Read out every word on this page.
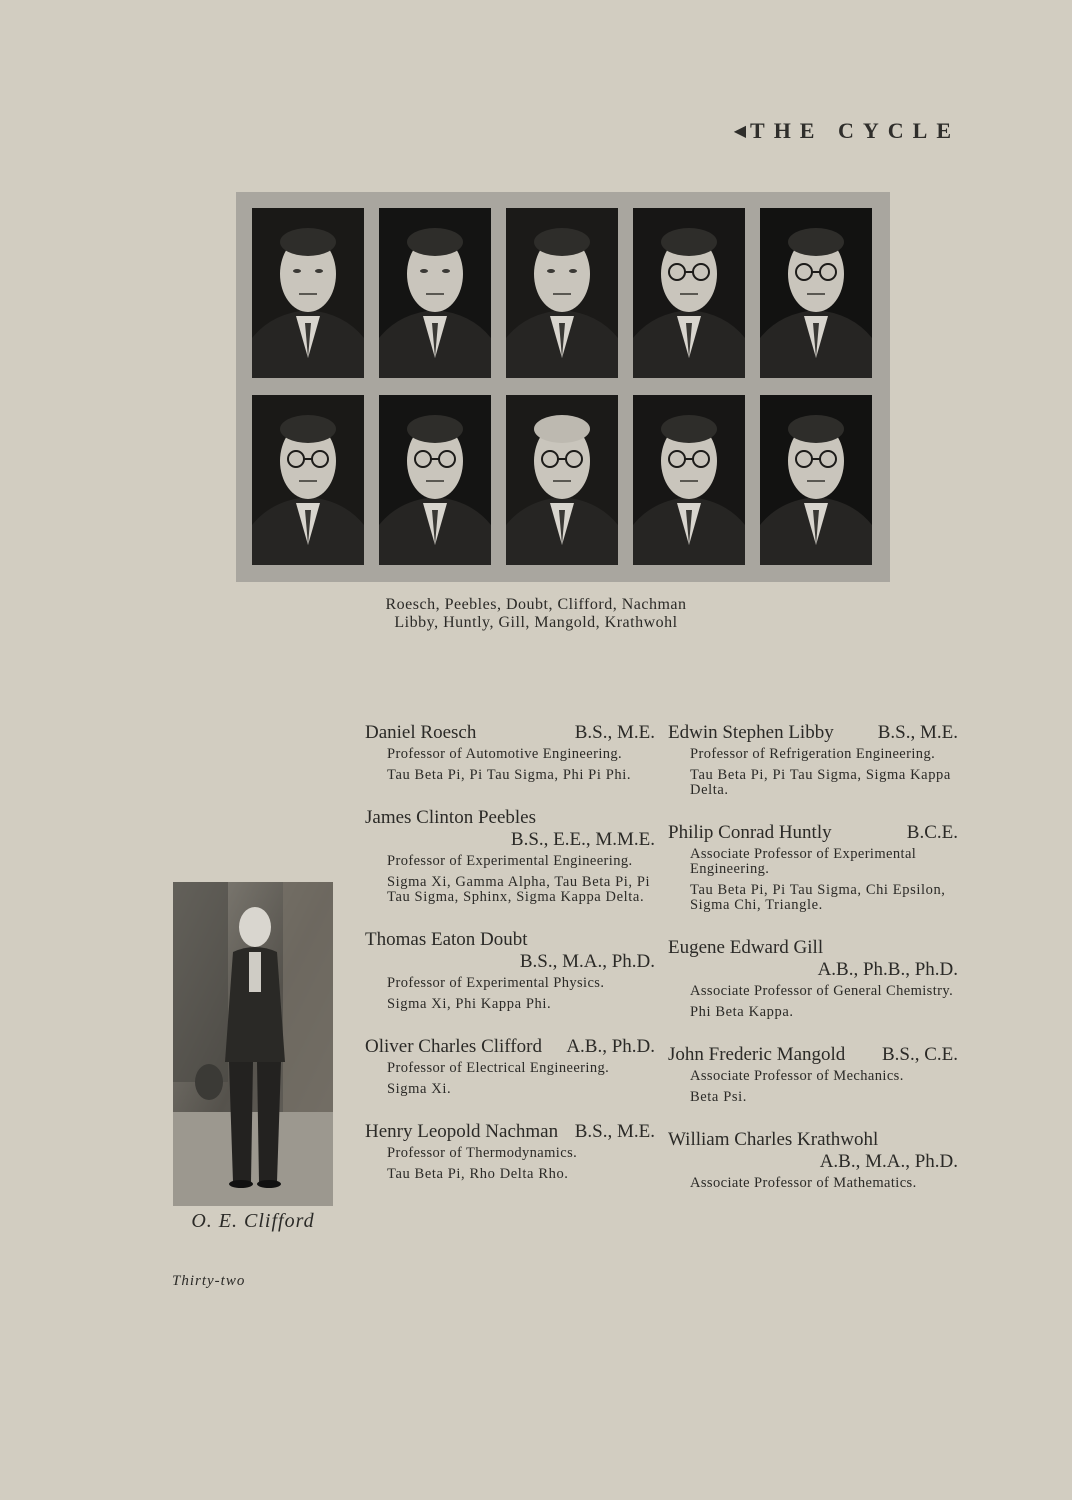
◀ THE CYCLE
Roesch, Peebles, Doubt, Clifford, Nachman
Libby, Huntly, Gill, Mangold, Krathwohl
Daniel Roesch	B.S., M.E.
Professor of Automotive Engineering.
Tau Beta Pi, Pi Tau Sigma, Phi Pi Phi.
James Clinton Peebles
B.S., E.E., M.M.E.
Professor of Experimental Engineering.
Sigma Xi, Gamma Alpha, Tau Beta Pi, Pi Tau Sigma, Sphinx, Sigma Kappa Delta.
Thomas Eaton Doubt
B.S., M.A., Ph.D.
Professor of Experimental Physics.
Sigma Xi, Phi Kappa Phi.
Oliver Charles Clifford A.B., Ph.D.
Professor of Electrical Engineering.
Sigma Xi.
Henry Leopold Nachman B.S., M.E.
Professor of Thermodynamics.
Tau Beta Pi, Rho Delta Rho.
Edwin Stephen Libby B.S., M.E.
Professor of Refrigeration Engineering.
Tau Beta Pi, Pi Tau Sigma, Sigma Kappa Delta.
Philip Conrad Huntly	B.C.E.
Associate Professor of Experimental Engineering.
Tau Beta Pi, Pi Tau Sigma, Chi Epsilon, Sigma Chi, Triangle.
Eugene Edward Gill
A.B., Ph.B., Ph.D.
Associate Professor of General Chemistry.
Phi Beta Kappa.
John Frederic Mangold B.S., C.E.
Associate Professor of Mechanics.
Beta Psi.
William Charles Krathwohl
A.B., M.A., Ph.D.
Associate Professor of Mathematics.
O. E. Clifford
Thirty-two
